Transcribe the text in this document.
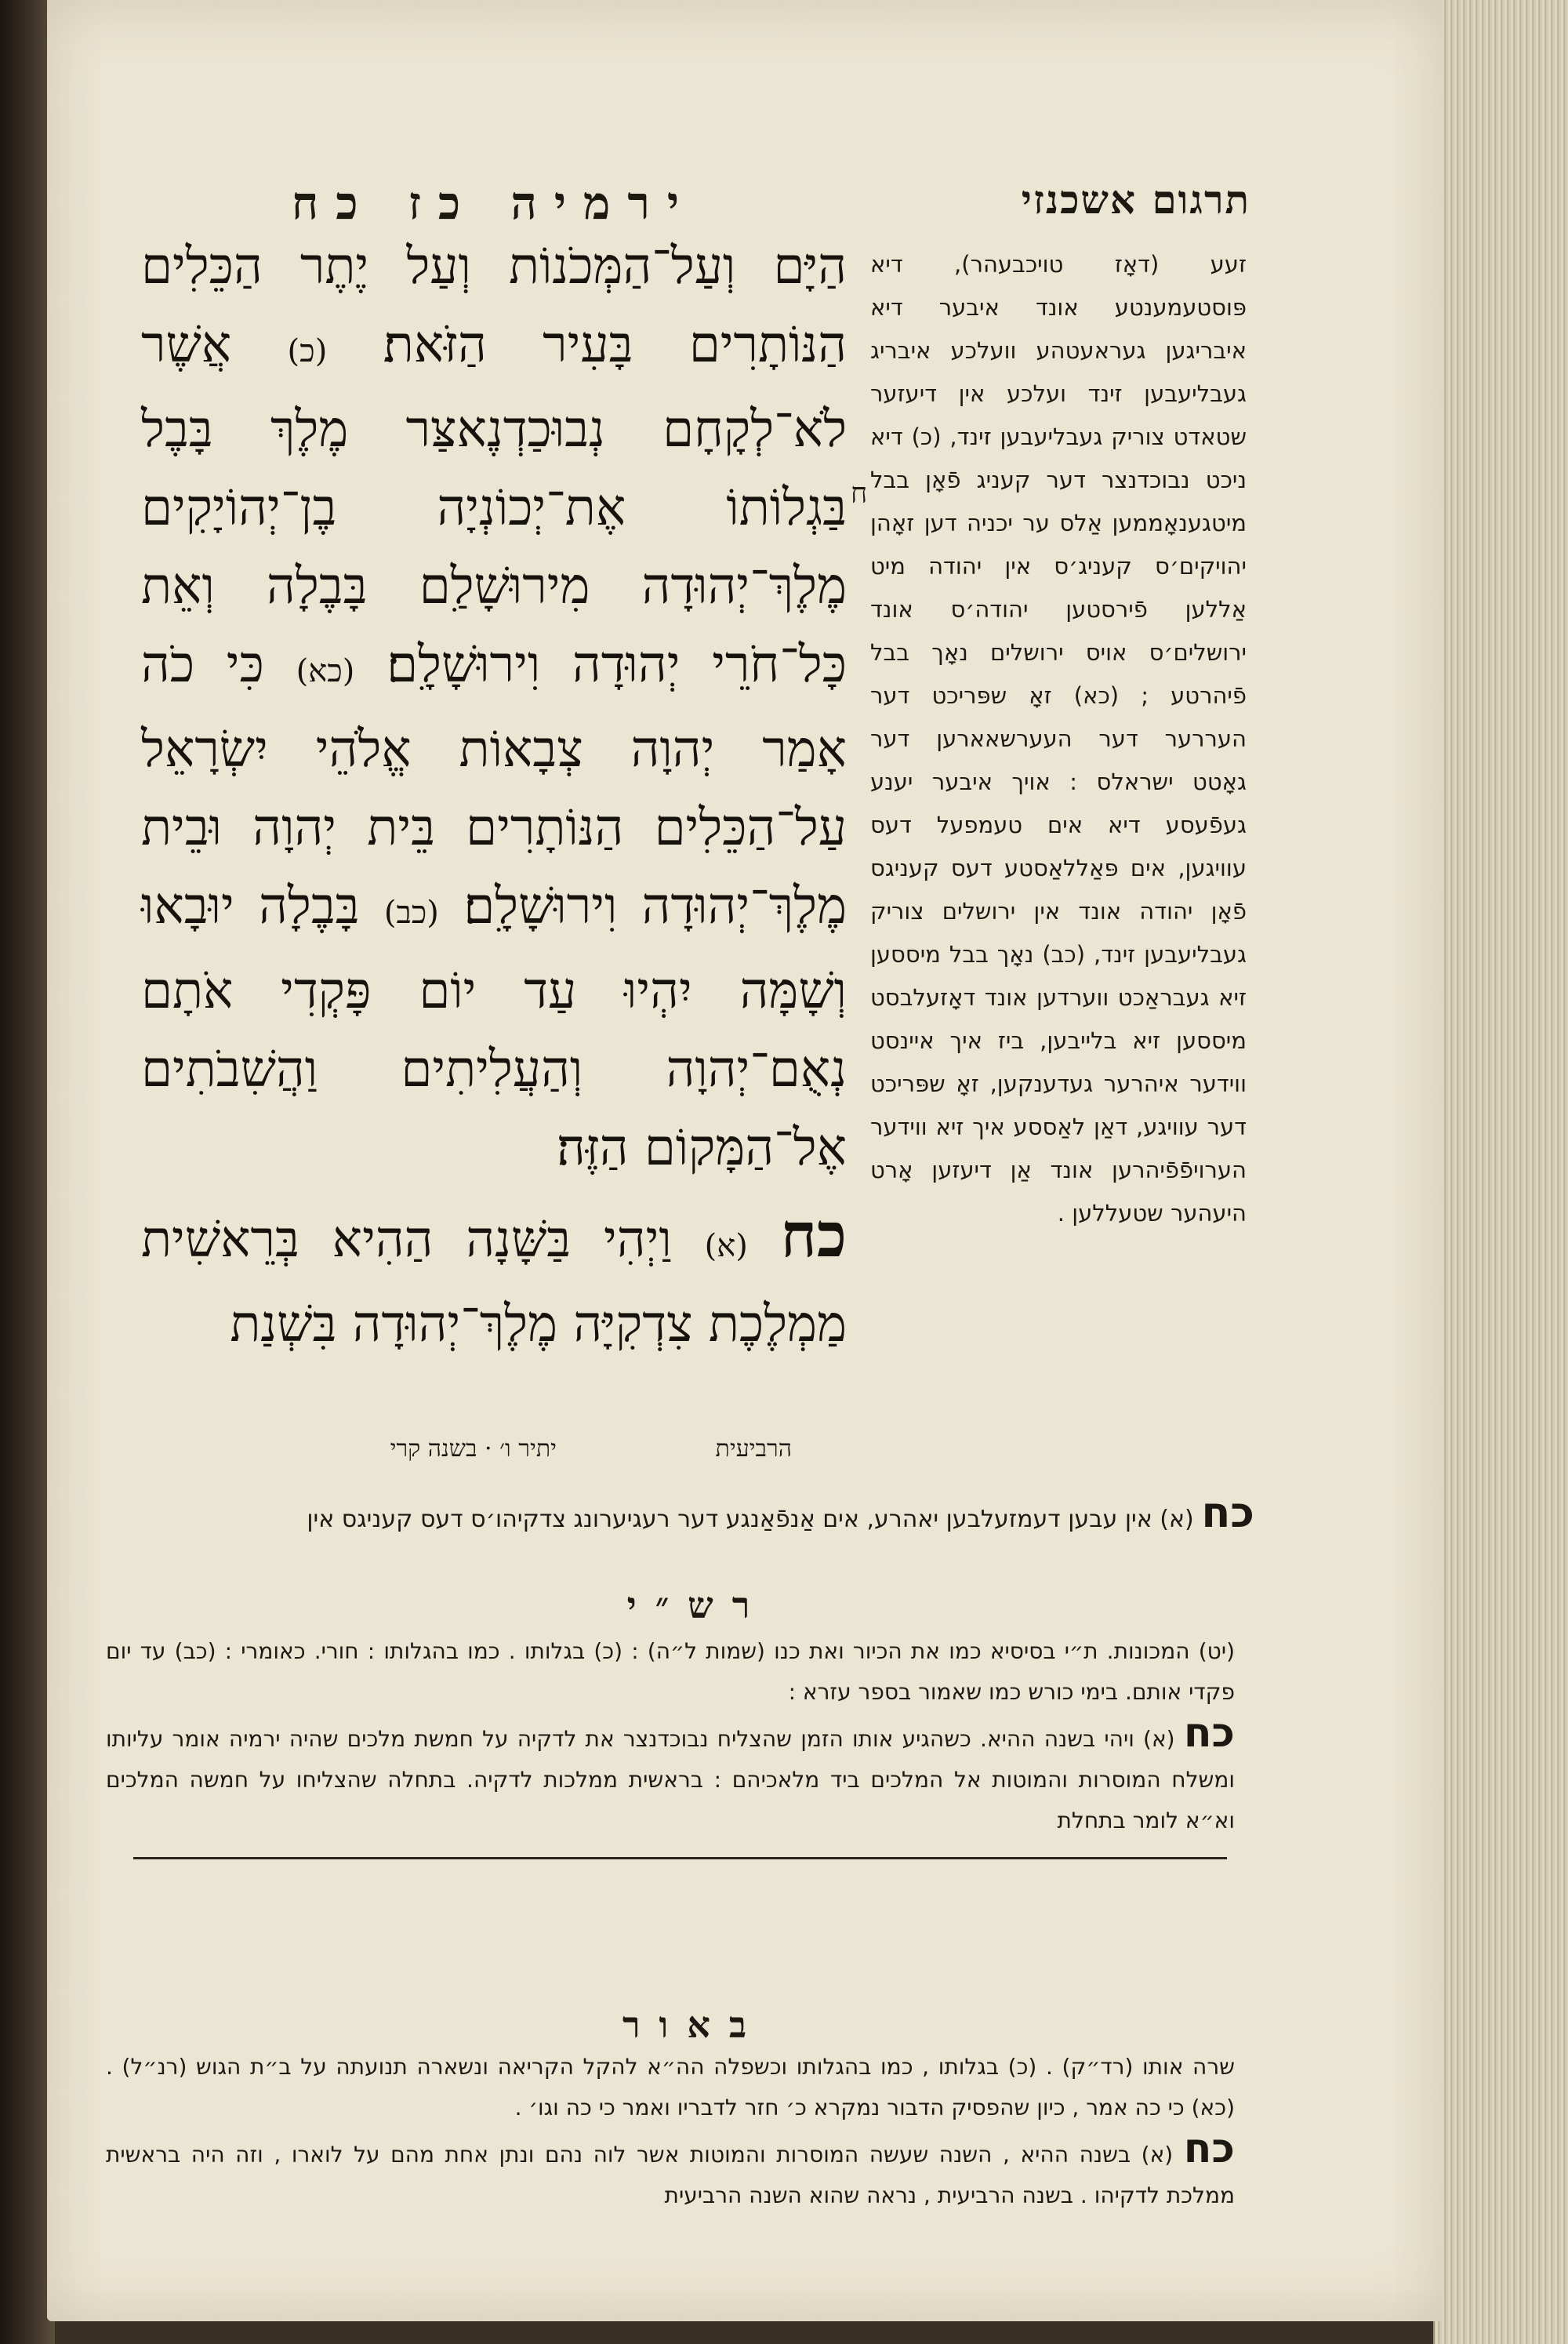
תרגום אשכנזי
ירמיה כז כח

הַיָּם וְעַל־הַמְּכֹנוֹת וְעַל יֶתֶר הַכֵּלִים הַנּוֹתָרִים בָּעִיר הַזֹּאת׃ (כ) אֲשֶׁר לֹא־לְקָחָם נְבוּכַדְנֶאצַּר מֶלֶךְ בָּבֶל בַּגְלוֹתוֹ אֶת־יְכוֹנְיָה בֶן־יְהוֹיָקִים מֶלֶךְ־יְהוּדָה מִירוּשָׁלִַם בָּבֶלָה וְאֵת כָּל־חֹרֵי יְהוּדָה וִירוּשָׁלִָם׃ (כא) כִּי כֹה אָמַר יְהוָה צְבָאוֹת אֱלֹהֵי יִשְׂרָאֵל עַל־הַכֵּלִים הַנּוֹתָרִים בֵּית יְהוָה וּבֵית מֶלֶךְ־יְהוּדָה וִירוּשָׁלִָם׃ (כב) בָּבֶלָה יוּבָאוּ וְשָׁמָּה יִהְיוּ עַד יוֹם פָּקְדִי אֹתָם נְאֻם־יְהוָה וְהַעֲלִיתִים וַהֲשִׁבֹתִים אֶל־הַמָּקוֹם הַזֶּה׃

כח (א) וַיְהִי בַּשָּׁנָה הַהִיא בְּרֵאשִׁית מַמְלֶכֶת צִדְקִיָּה מֶלֶךְ־יְהוּדָה בִּשְׁנַת

ח
זעע (דאָז טויכבעהר), דיא פּוסטעמענטע אונד איבער דיא איבריגען געראעטהע וועלכע איבריג געבליעבען זינד ועלכע אין דיעזער שטאדט צוריק געבליעבען זינד, (כ) דיא ניכט נבוכדנצר דער קעניג פֿאָן בבל מיטגענאָממען אַלס ער יכניה דען זאָהן יהויקים׳ס קעניג׳ס אין יהודה מיט אַללען פֿירסטען יהודה׳ס אונד ירושלים׳ס אויס ירושלים נאָך בבל פֿיהרטע ; (כא) זאָ שפּריכט דער העררער דער העערשאארען דער גאָטט ישראלס : אויך איבער יענע געפֿעסע דיא אים טעמפעל דעס עוויגען, אים פּאַללאַסטע דעס קעניגס פֿאָן יהודה אונד אין ירושלים צוריק געבליעבען זינד, (כב) נאָך בבל מיססען זיא געבראַכט ווערדען אונד דאָזעלבסט מיססען זיא בלייבען, ביז איך איינסט ווידער איהרער געדענקען, זאָ שפּריכט דער עוויגע, דאַן לאַססע איך זיא ווידער הערויפֿפֿיהרען אונד אַן דיעזען אָרט היעהער שטעללען .
הרביעית
יתיר ו׳ · בשנה קרי
כח (א) אין עבען דעמזעלבען יאהרע, אים אַנפֿאַנגע דער רעגיערונג צדקיהו׳ס דעס קעניגס אין
רש״י
(יט) המכונות. ת״י בסיסיא כמו את הכיור ואת כנו (שמות ל״ה) : (כ) בגלותו . כמו בהגלותו : חורי. כאומרי : (כב) עד יום פקדי אותם. בימי כורש כמו שאמור בספר עזרא :
כח (א) ויהי בשנה ההיא. כשהגיע אותו הזמן שהצליח נבוכדנצר את לדקיה על חמשת מלכים שהיה ירמיה אומר עליותו ומשלח המוסרות והמוטות אל המלכים ביד מלאכיהם : בראשית ממלכות לדקיה. בתחלה שהצליחו על חמשה המלכים וא״א לומר בתחלת
באור
שרה אותו (רד״ק) . (כ) בגלותו , כמו בהגלותו וכשפלה הה״א להקל הקריאה ונשארה תנועתה על ב״ת הגוש (רנ״ל) . (כא) כי כה אמר , כיון שהפסיק הדבור נמקרא כ׳ חזר לדבריו ואמר כי כה וגו׳ .
כח (א) בשנה ההיא , השנה שעשה המוסרות והמוטות אשר לוה נהם ונתן אחת מהם על לוארו , וזה היה בראשית ממלכת לדקיהו . בשנה הרביעית , נראה שהוא השנה הרביעית
